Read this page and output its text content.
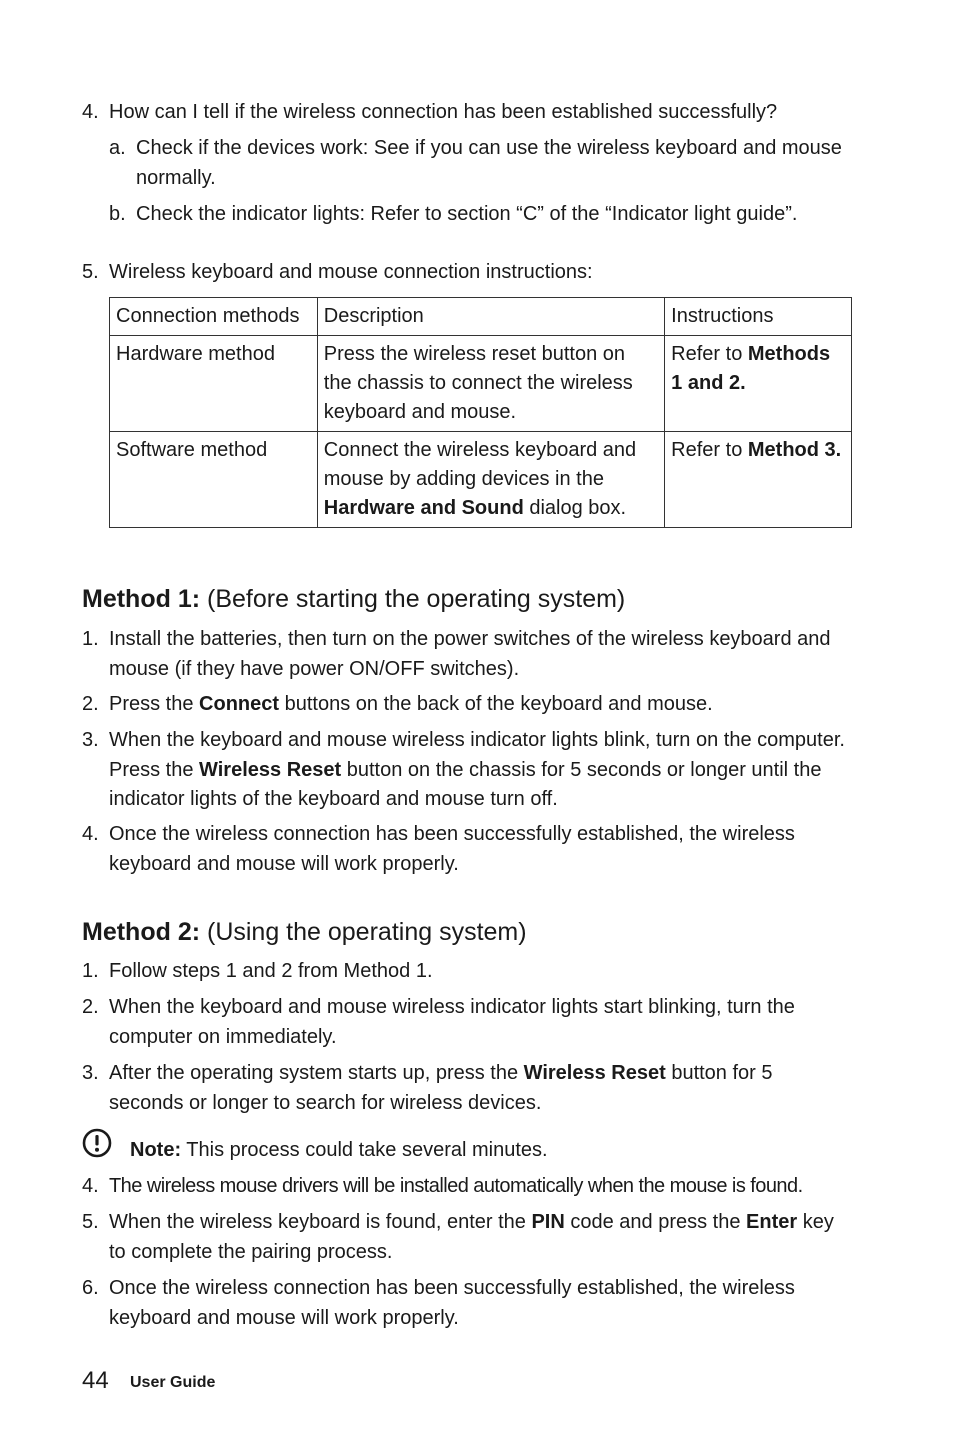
4. How can I tell if the wireless connection has been established successfully?
a. Check if the devices work: See if you can use the wireless keyboard and mouse normally.
b. Check the indicator lights: Refer to section “C” of the “Indicator light guide”.
5. Wireless keyboard and mouse connection instructions:
Connection methods	Description	Instructions
Hardware method	Press the wireless reset button on the chassis to connect the wireless keyboard and mouse.	Refer to Methods 1 and 2.
Software method	Connect the wireless keyboard and mouse by adding devices in the Hardware and Sound dialog box.	Refer to Method 3.
Method 1: (Before starting the operating system)
1. Install the batteries, then turn on the power switches of the wireless keyboard and mouse (if they have power ON/OFF switches).
2. Press the Connect buttons on the back of the keyboard and mouse.
3. When the keyboard and mouse wireless indicator lights blink, turn on the computer. Press the Wireless Reset button on the chassis for 5 seconds or longer until the indicator lights of the keyboard and mouse turn off.
4. Once the wireless connection has been successfully established, the wireless keyboard and mouse will work properly.
Method 2: (Using the operating system)
1. Follow steps 1 and 2 from Method 1.
2. When the keyboard and mouse wireless indicator lights start blinking, turn the computer on immediately.
3. After the operating system starts up, press the Wireless Reset button for 5 seconds or longer to search for wireless devices.
Note: This process could take several minutes.
4. The wireless mouse drivers will be installed automatically when the mouse is found.
5. When the wireless keyboard is found, enter the PIN code and press the Enter key to complete the pairing process.
6. Once the wireless connection has been successfully established, the wireless keyboard and mouse will work properly.
44 User Guide
